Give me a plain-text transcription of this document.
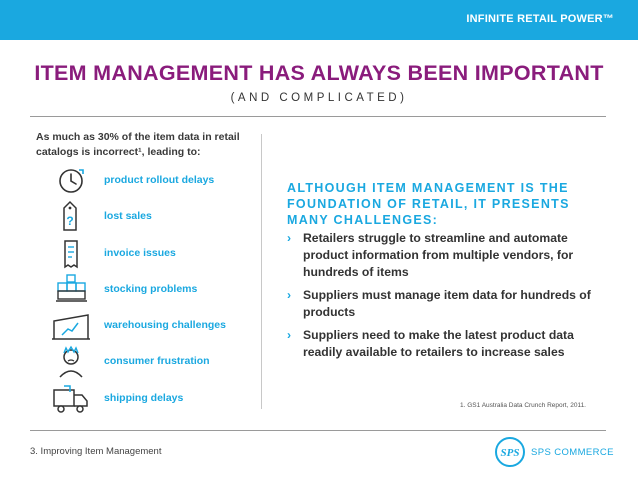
INFINITE RETAIL POWER™
ITEM MANAGEMENT HAS ALWAYS BEEN IMPORTANT
(AND COMPLICATED)
As much as 30% of the item data in retail catalogs is incorrect¹, leading to:
product rollout delays
?	lost sales
invoice issues
stocking problems
warehousing challenges
consumer frustration
shipping delays
ALTHOUGH ITEM MANAGEMENT IS THE FOUNDATION OF RETAIL, IT PRESENTS MANY CHALLENGES:
› Retailers struggle to streamline and automate product information from multiple vendors, for hundreds of items
› Suppliers must manage item data for hundreds of products
› Suppliers need to make the latest product data readily available to retailers to increase sales
1. GS1 Australia Data Crunch Report, 2011.
3. Improving Item Management	SPS SPS COMMERCE
